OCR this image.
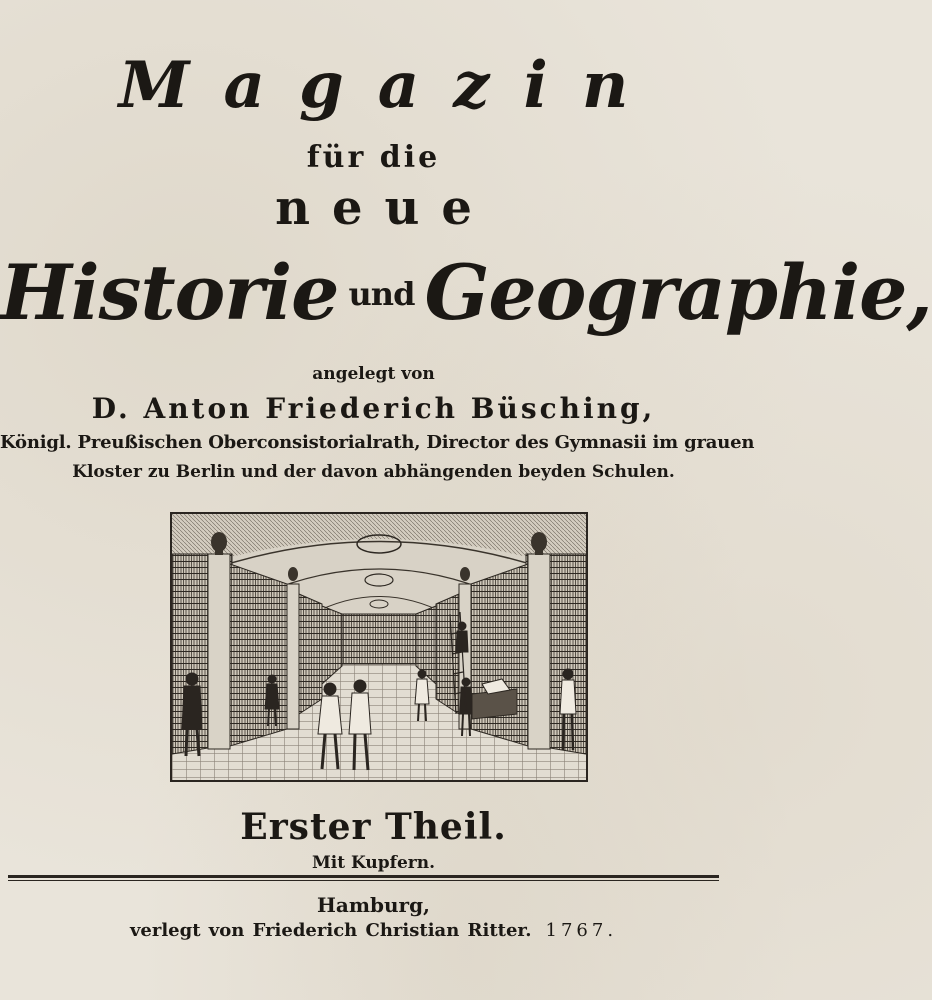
Magazin
für die
neue
Historie und Geographie,
angelegt von
D. Anton Friederich Büsching,
Königl. Preußischen Oberconsistorialrath, Director des Gymnasii im grauen
Kloster zu Berlin und der davon abhängenden beyden Schulen.
Erster Theil.
Mit Kupfern.
Hamburg,
verlegt von Friederich Christian Ritter. 1767.
